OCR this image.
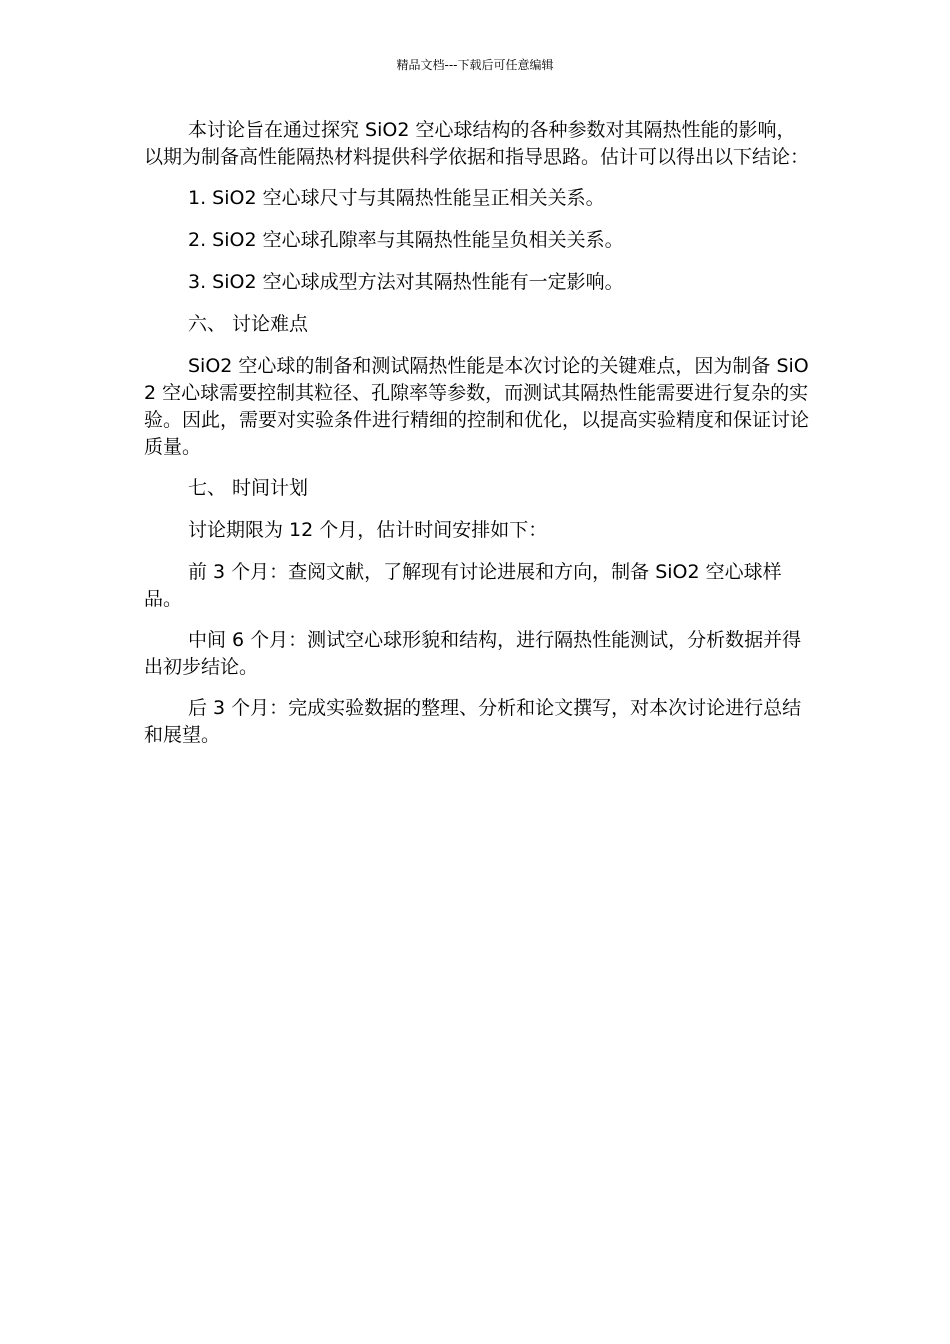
精品文档---下载后可任意编辑

本讨论旨在通过探究 SiO2 空心球结构的各种参数对其隔热性能的影响，以期为制备高性能隔热材料提供科学依据和指导思路。估计可以得出以下结论：

1. SiO2 空心球尺寸与其隔热性能呈正相关关系。

2. SiO2 空心球孔隙率与其隔热性能呈负相关关系。

3. SiO2 空心球成型方法对其隔热性能有一定影响。

六、 讨论难点

SiO2 空心球的制备和测试隔热性能是本次讨论的关键难点，因为制备 SiO2 空心球需要控制其粒径、孔隙率等参数，而测试其隔热性能需要进行复杂的实验。因此，需要对实验条件进行精细的控制和优化，以提高实验精度和保证讨论质量。

七、 时间计划

讨论期限为 12 个月，估计时间安排如下：

前 3 个月：查阅文献，了解现有讨论进展和方向，制备 SiO2 空心球样品。

中间 6 个月：测试空心球形貌和结构，进行隔热性能测试，分析数据并得出初步结论。

后 3 个月：完成实验数据的整理、分析和论文撰写，对本次讨论进行总结和展望。
